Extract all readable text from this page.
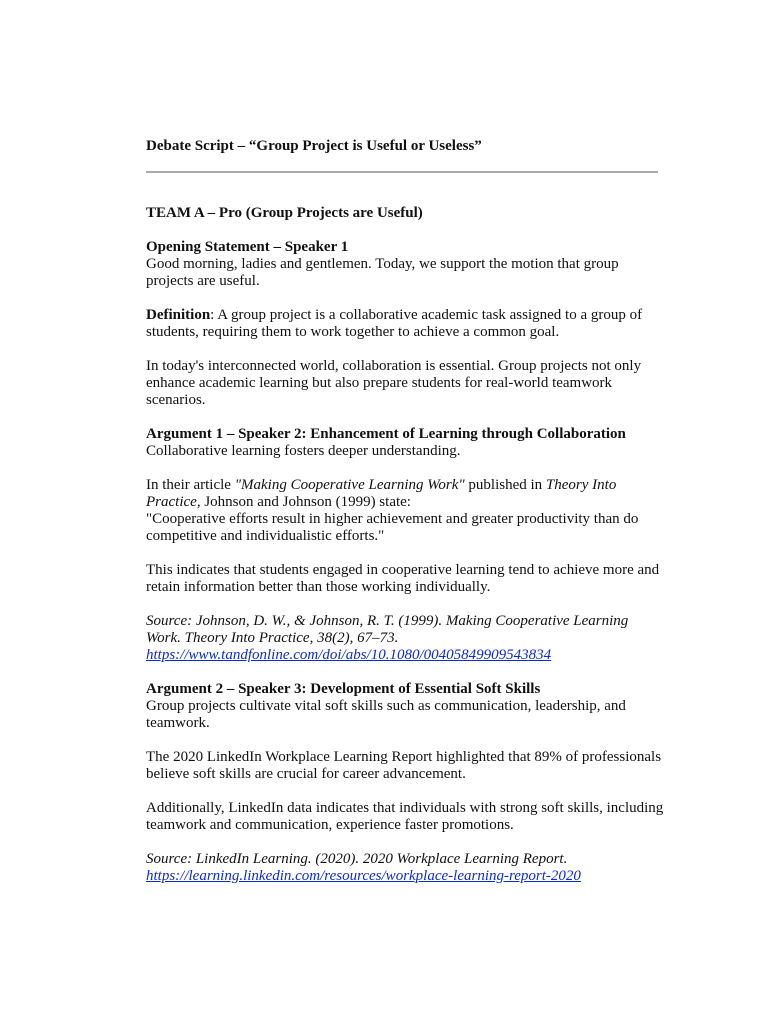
Debate Script – “Group Project is Useful or Useless”

TEAM A – Pro (Group Projects are Useful)

Opening Statement – Speaker 1
Good morning, ladies and gentlemen. Today, we support the motion that group projects are useful.

Definition: A group project is a collaborative academic task assigned to a group of students, requiring them to work together to achieve a common goal.

In today's interconnected world, collaboration is essential. Group projects not only enhance academic learning but also prepare students for real-world teamwork scenarios.

Argument 1 – Speaker 2: Enhancement of Learning through Collaboration
Collaborative learning fosters deeper understanding.

In their article "Making Cooperative Learning Work" published in Theory Into Practice, Johnson and Johnson (1999) state:
"Cooperative efforts result in higher achievement and greater productivity than do competitive and individualistic efforts."

This indicates that students engaged in cooperative learning tend to achieve more and retain information better than those working individually.

Source: Johnson, D. W., & Johnson, R. T. (1999). Making Cooperative Learning Work. Theory Into Practice, 38(2), 67–73.
https://www.tandfonline.com/doi/abs/10.1080/00405849909543834

Argument 2 – Speaker 3: Development of Essential Soft Skills
Group projects cultivate vital soft skills such as communication, leadership, and teamwork.

The 2020 LinkedIn Workplace Learning Report highlighted that 89% of professionals believe soft skills are crucial for career advancement.

Additionally, LinkedIn data indicates that individuals with strong soft skills, including teamwork and communication, experience faster promotions.

Source: LinkedIn Learning. (2020). 2020 Workplace Learning Report.
https://learning.linkedin.com/resources/workplace-learning-report-2020
